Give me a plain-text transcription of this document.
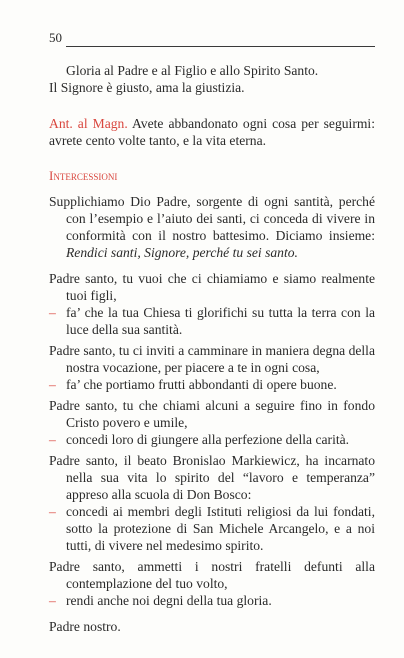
50
Gloria al Padre e al Figlio e allo Spirito Santo.
Il Signore è giusto, ama la giustizia.
Ant. al Magn. Avete abbandonato ogni cosa per seguirmi: avrete cento volte tanto, e la vita eterna.
Intercessioni
Supplichiamo Dio Padre, sorgente di ogni santità, perché con l’esempio e l’aiuto dei santi, ci conceda di vivere in conformità con il nostro battesimo. Diciamo insieme: Rendici santi, Signore, perché tu sei santo.
Padre santo, tu vuoi che ci chiamiamo e siamo realmente tuoi figli,
– fa’ che la tua Chiesa ti glorifichi su tutta la terra con la luce della sua santità.
Padre santo, tu ci inviti a camminare in maniera degna della nostra vocazione, per piacere a te in ogni cosa,
– fa’ che portiamo frutti abbondanti di opere buone.
Padre santo, tu che chiami alcuni a seguire fino in fondo Cristo povero e umile,
– concedi loro di giungere alla perfezione della carità.
Padre santo, il beato Bronislao Markiewicz, ha incarnato nella sua vita lo spirito del “lavoro e temperanza” appreso alla scuola di Don Bosco:
– concedi ai membri degli Istituti religiosi da lui fondati, sotto la protezione di San Michele Arcangelo, e a noi tutti, di vivere nel medesimo spirito.
Padre santo, ammetti i nostri fratelli defunti alla contemplazione del tuo volto,
– rendi anche noi degni della tua gloria.
Padre nostro.
